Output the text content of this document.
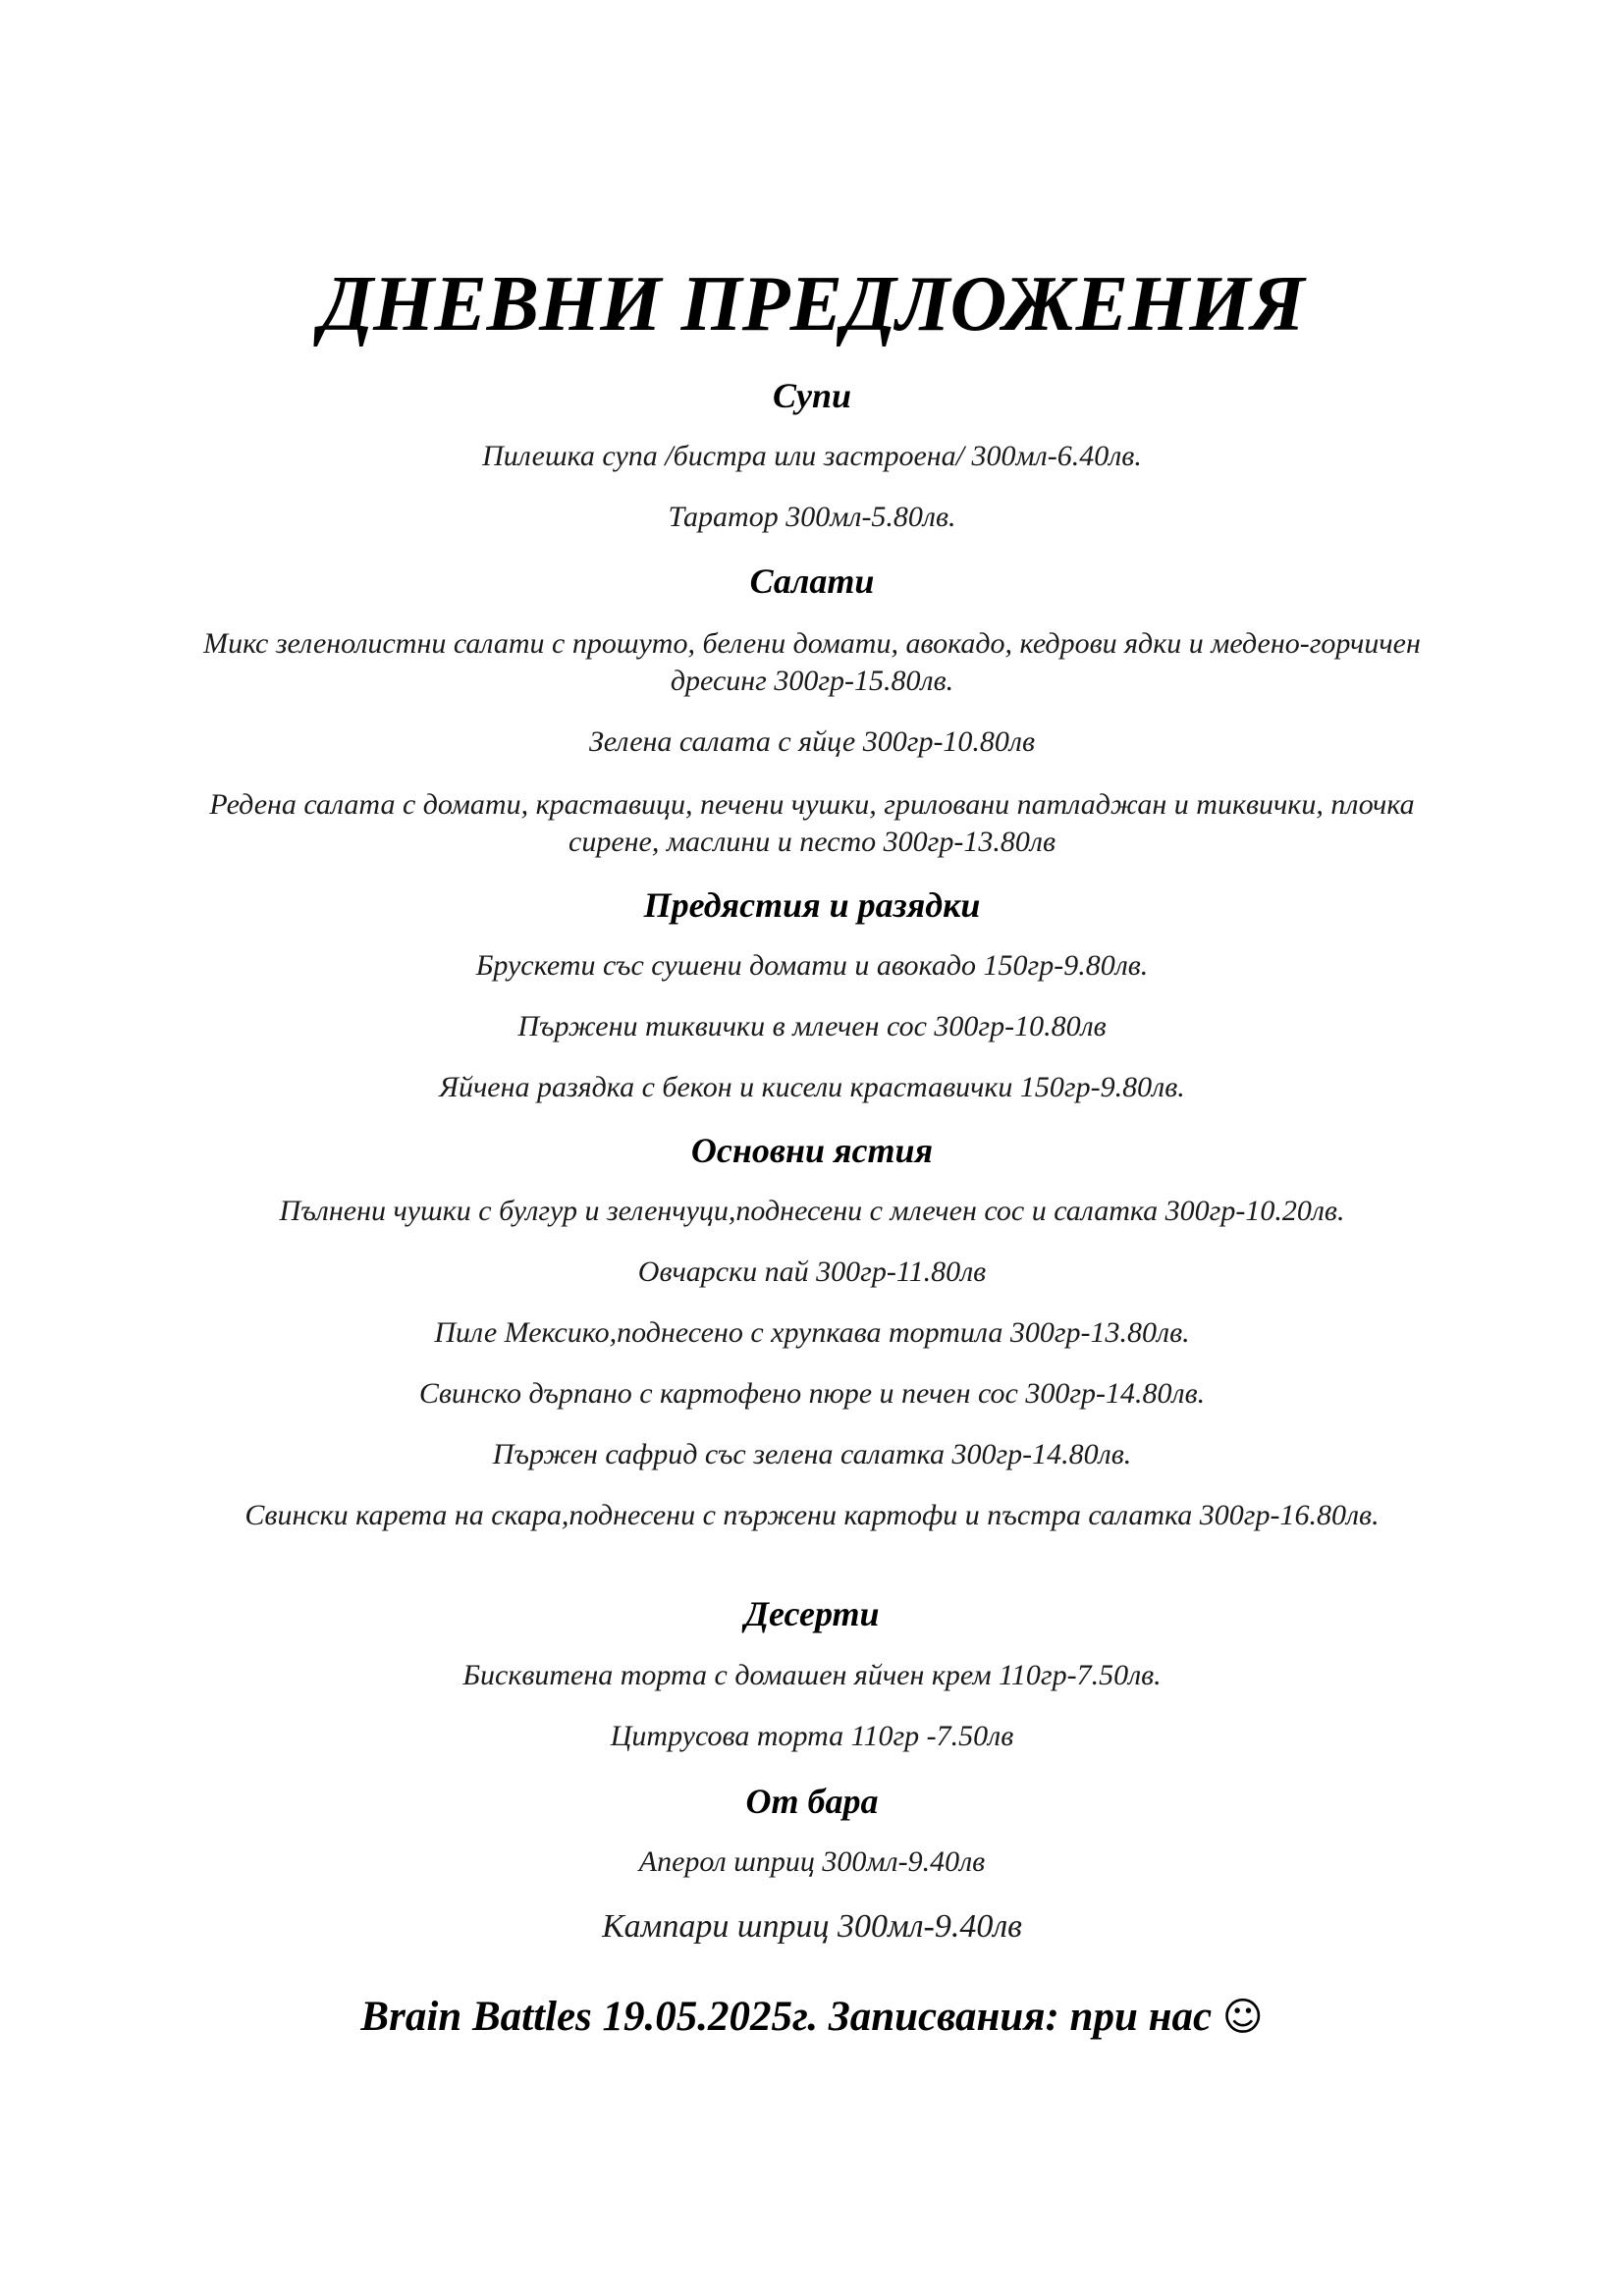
ДНЕВНИ ПРЕДЛОЖЕНИЯ
Супи

Пилешка супа /бистра или застроена/ 300мл-6.40лв.

Таратор 300мл-5.80лв.

Салати

Микс зеленолистни салати с прошуто, белени домати, авокадо, кедрови ядки и медено-горчичен дресинг 300гр-15.80лв.

Зелена салата с яйце 300гр-10.80лв

Редена салата с домати, краставици, печени чушки, гриловани патладжан и тиквички, плочка сирене, маслини и песто 300гр-13.80лв

Предястия и разядки

Брускети със сушени домати и авокадо 150гр-9.80лв.

Пържени тиквички в млечен сос 300гр-10.80лв

Яйчена разядка с бекон и кисели краставички 150гр-9.80лв.

Основни ястия

Пълнени чушки с булгур и зеленчуци,поднесени с млечен сос и салатка 300гр-10.20лв.

Овчарски пай 300гр-11.80лв

Пиле Мексико,поднесено с хрупкава тортила 300гр-13.80лв.

Свинско дърпано с картофено пюре и печен сос 300гр-14.80лв.

Пържен сафрид със зелена салатка 300гр-14.80лв.

Свински карета на скара,поднесени с пържени картофи и пъстра салатка 300гр-16.80лв.

Десерти

Бисквитена торта с домашен яйчен крем 110гр-7.50лв.

Цитрусова торта 110гр -7.50лв

От бара

Аперол шприц 300мл-9.40лв

Кампари шприц 300мл-9.40лв

Brain Battles 19.05.2025г. Записвания: при нас ☺
